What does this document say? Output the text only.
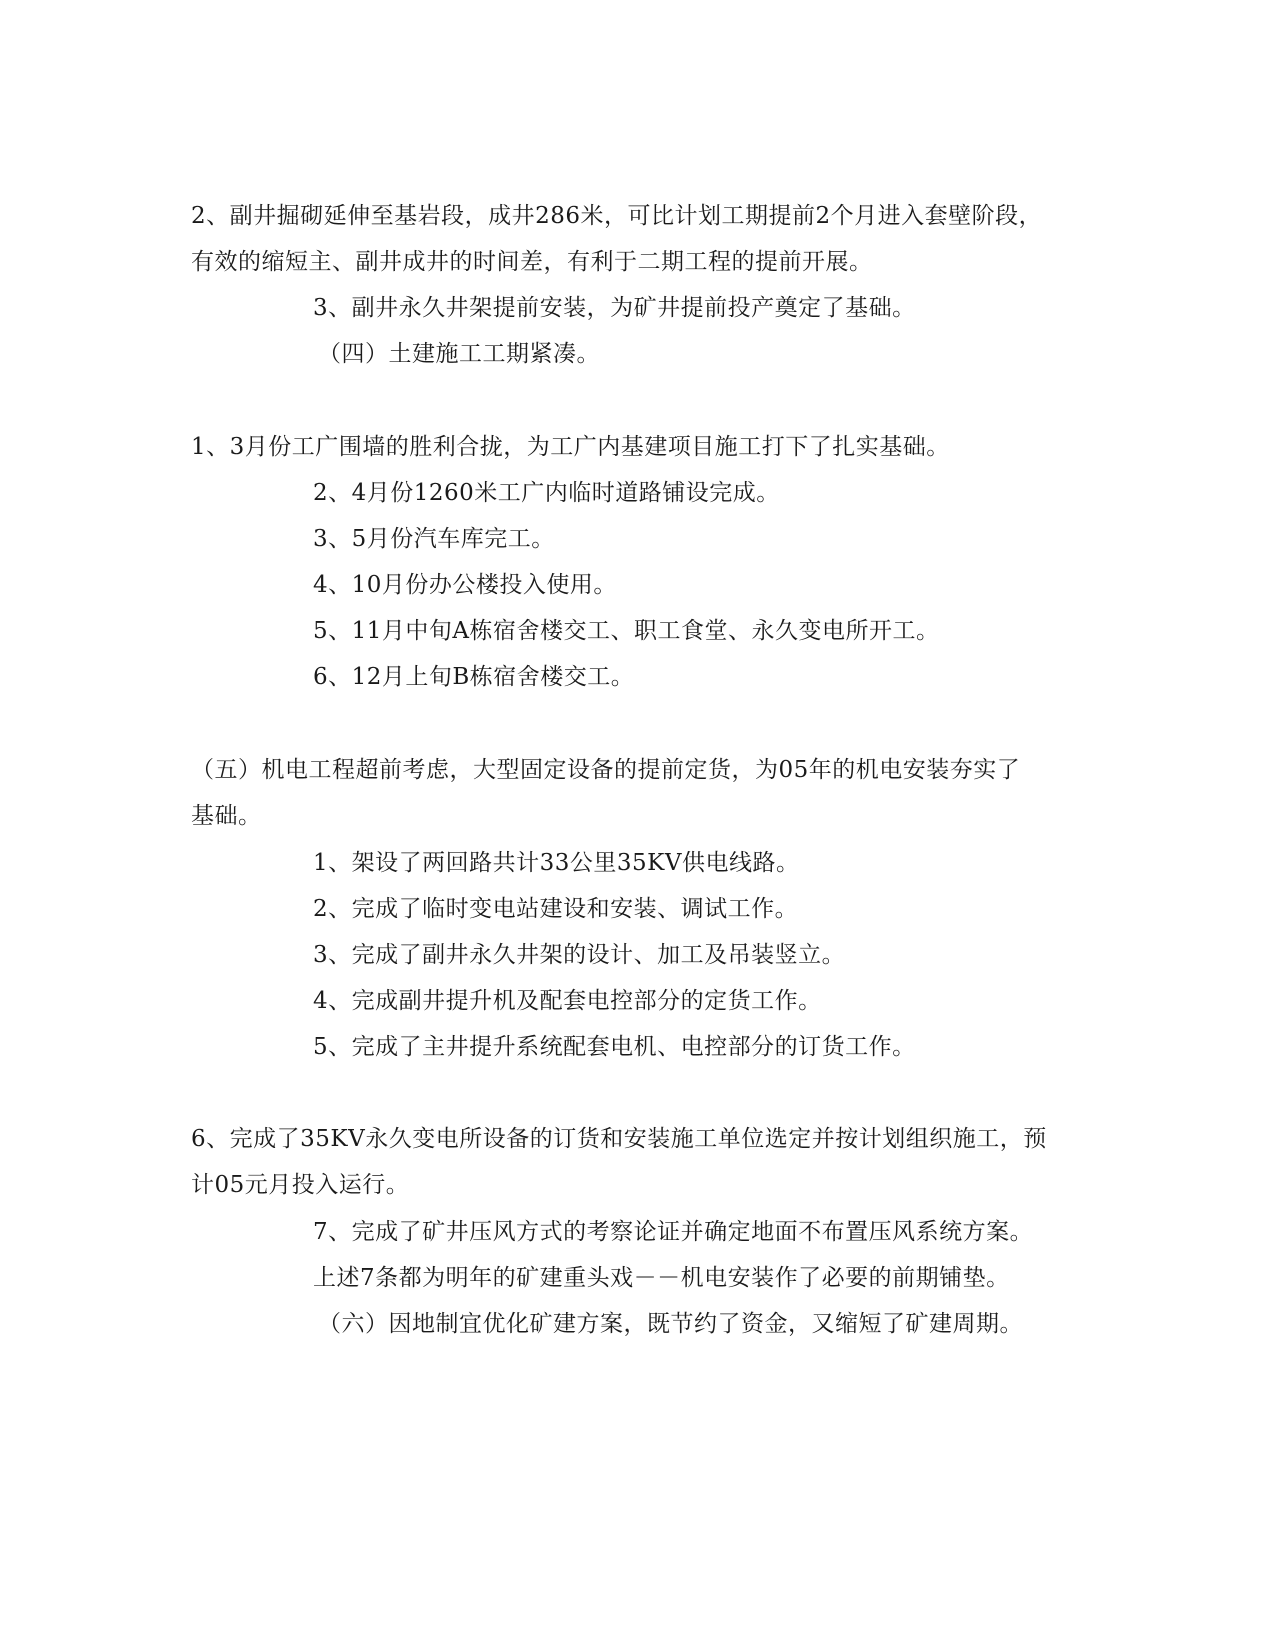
2、副井掘砌延伸至基岩段，成井286米，可比计划工期提前2个月进入套壁阶段，
有效的缩短主、副井成井的时间差，有利于二期工程的提前开展。
3、副井永久井架提前安装，为矿井提前投产奠定了基础。
（四）土建施工工期紧凑。
1、3月份工广围墙的胜利合拢，为工广内基建项目施工打下了扎实基础。
2、4月份1260米工广内临时道路铺设完成。
3、5月份汽车库完工。
4、10月份办公楼投入使用。
5、11月中旬A栋宿舍楼交工、职工食堂、永久变电所开工。
6、12月上旬B栋宿舍楼交工。
（五）机电工程超前考虑，大型固定设备的提前定货，为05年的机电安装夯实了
基础。
1、架设了两回路共计33公里35KV供电线路。
2、完成了临时变电站建设和安装、调试工作。
3、完成了副井永久井架的设计、加工及吊装竖立。
4、完成副井提升机及配套电控部分的定货工作。
5、完成了主井提升系统配套电机、电控部分的订货工作。
6、完成了35KV永久变电所设备的订货和安装施工单位选定并按计划组织施工，预
计05元月投入运行。
7、完成了矿井压风方式的考察论证并确定地面不布置压风系统方案。
上述7条都为明年的矿建重头戏－－机电安装作了必要的前期铺垫。
（六）因地制宜优化矿建方案，既节约了资金，又缩短了矿建周期。
